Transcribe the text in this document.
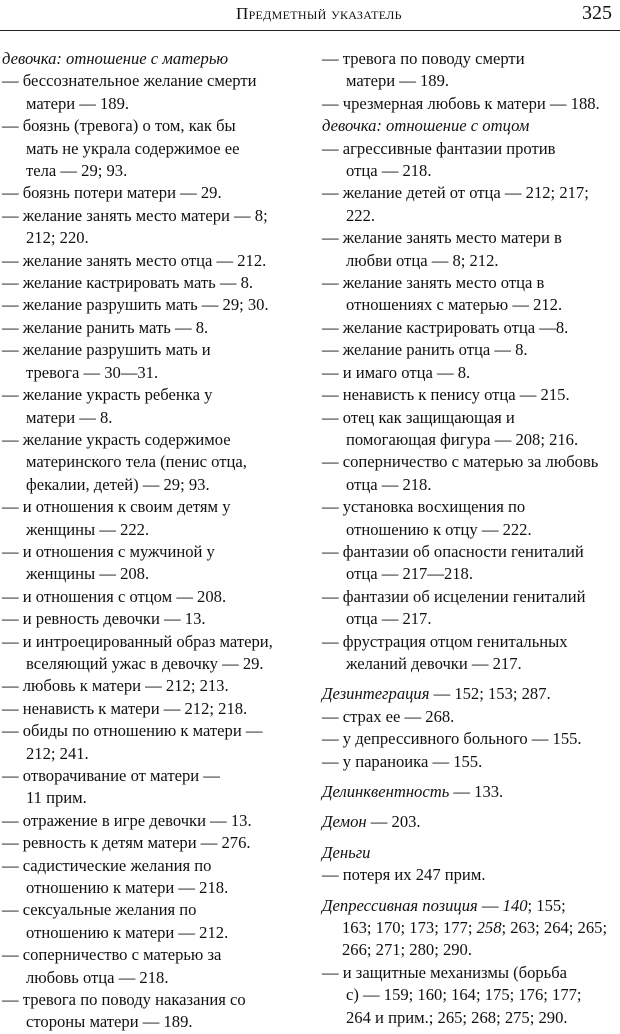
Предметный указатель	325

девочка: отношение с матерью

— бессознательное желание смерти
матери — 189.

— боязнь (тревога) о том, как бы
мать не украла содержимое ее
тела — 29; 93.

— боязнь потери матери — 29.

— желание занять место матери — 8;
212; 220.

— желание занять место отца — 212.

— желание кастрировать мать — 8.

— желание разрушить мать — 29; 30.

— желание ранить мать — 8.

— желание разрушить мать и
тревога — 30—31.

— желание украсть ребенка у
матери — 8.

— желание украсть содержимое
материнского тела (пенис отца,
фекалии, детей) — 29; 93.

— и отношения к своим детям у
женщины — 222.

— и отношения с мужчиной у
женщины — 208.

— и отношения с отцом — 208.

— и ревность девочки — 13.

— и интроецированный образ матери,
вселяющий ужас в девочку — 29.

— любовь к матери — 212; 213.

— ненависть к матери — 212; 218.

— обиды по отношению к матери —
212; 241.

— отворачивание от матери —
11 прим.

— отражение в игре девочки — 13.

— ревность к детям матери — 276.

— садистические желания по
отношению к матери — 218.

— сексуальные желания по
отношению к матери — 212.

— соперничество с матерью за
любовь отца — 218.

— тревога по поводу наказания со
стороны матери — 189.

— тревога по поводу смерти
матери — 189.

— чрезмерная любовь к матери — 188.

девочка: отношение с отцом

— агрессивные фантазии против
отца — 218.

— желание детей от отца — 212; 217;
222.

— желание занять место матери в
любви отца — 8; 212.

— желание занять место отца в
отношениях с матерью — 212.

— желание кастрировать отца —8.

— желание ранить отца — 8.

— и имаго отца — 8.

— ненависть к пенису отца — 215.

— отец как защищающая и
помогающая фигура — 208; 216.

— соперничество с матерью за любовь
отца — 218.

— установка восхищения по
отношению к отцу — 222.

— фантазии об опасности гениталий
отца — 217—218.

— фантазии об исцелении гениталий
отца — 217.

— фрустрация отцом генитальных
желаний девочки — 217.

Дезинтеграция — 152; 153; 287.

— страх ее — 268.

— у депрессивного больного — 155.

— у параноика — 155.

Делинквентность — 133.

Демон — 203.

Деньги

— потеря их 247 прим.

Депрессивная позиция — 140; 155;
163; 170; 173; 177; 258; 263; 264; 265;
266; 271; 280; 290.

— и защитные механизмы (борьба
с) — 159; 160; 164; 175; 176; 177;
264 и прим.; 265; 268; 275; 290.
